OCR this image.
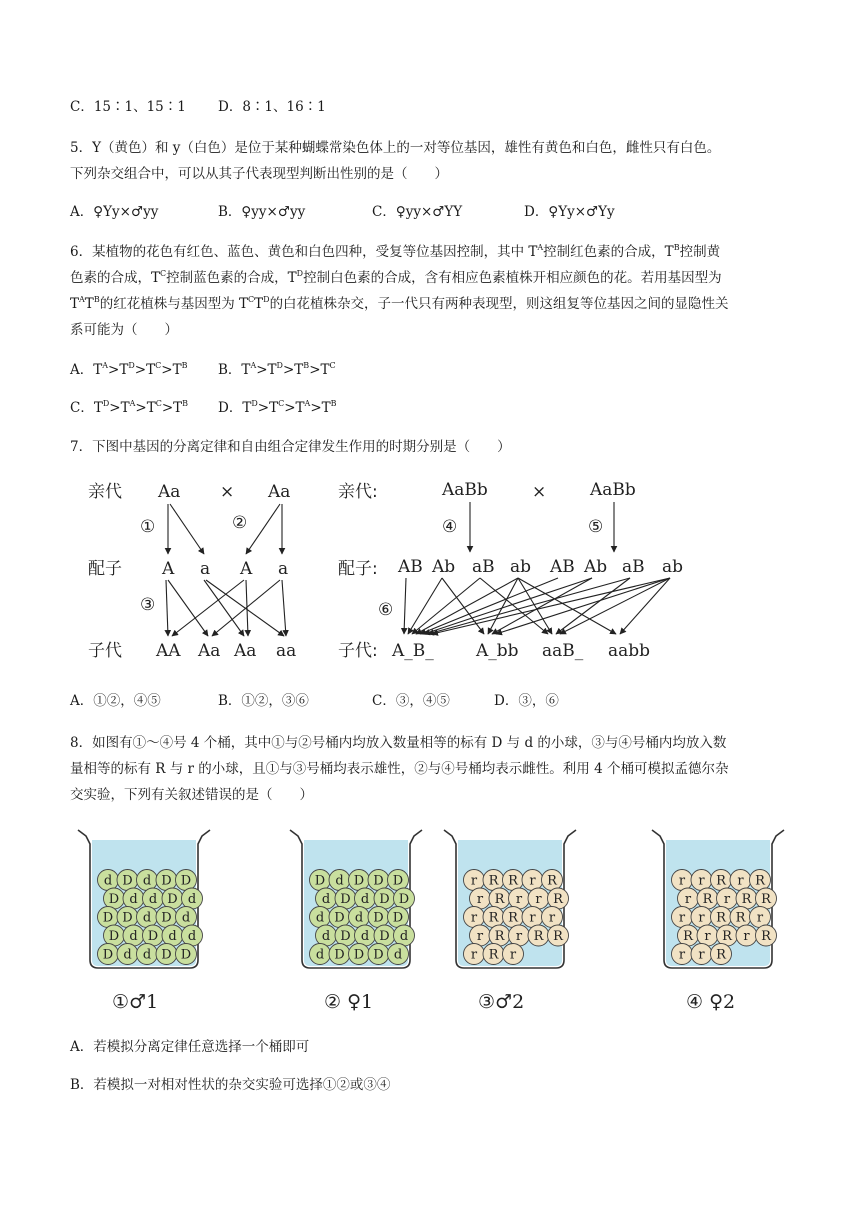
C．15∶1、15∶1 D．8∶1、16∶1
5．Y（黄色）和 y（白色）是位于某种蝴蝶常染色体上的一对等位基因，雄性有黄色和白色，雌性只有白色。
下列杂交组合中，可以从其子代表现型判断出性别的是（　　）
A．♀Yy×♂yy	B．♀yy×♂yy	C．♀yy×♂YY	D．♀Yy×♂Yy
6．某植物的花色有红色、蓝色、黄色和白色四种，受复等位基因控制，其中 $T^A$控制红色素的合成，$T^B$控制黄
色素的合成，$T^C$控制蓝色素的合成，$T^D$控制白色素的合成，含有相应色素植株开相应颜色的花。若用基因型为
$T^AT^B$的红花植株与基因型为 $T^CT^D$的白花植株杂交，子一代只有两种表现型，则这组复等位基因之间的显隐性关
系可能为（　　）
A．$T^A>T^D>T^C>T^B$ B．$T^A>T^D>T^B>T^C$
C．$T^D>T^A>T^C>T^B$ D．$T^D>T^C>T^A>T^B$
7．下图中基因的分离定律和自由组合定律发生作用的时期分别是（　　）
亲代 Aa × Aa
①	②
配子 A a A a
③
子代 AA Aa Aa aa
亲代:	AaBb	×	AaBb
④	⑤
配子: AB Ab aB ab AB Ab aB ab
⑥
子代: A_B_ A_bb aaB_ aabb
A．①②，④⑤	B．①②，③⑥	C．③，④⑤	D．③，⑥
8．如图有①～④号 4 个桶，其中①与②号桶内均放入数量相等的标有 D 与 d 的小球，③与④号桶内均放入数
量相等的标有 R 与 r 的小球，且①与③号桶均表示雄性，②与④号桶均表示雌性。利用 4 个桶可模拟孟德尔杂
交实验，下列有关叙述错误的是（　　）
d D d D D
D d d D d
D D d D d
D d D d d
D d d D D
①♂1
D d D D D
d D d D D
d D d D D
d D d D d
d D D D d
② ♀1
r R R r R
r R r r R
r R R r r
r R r R R
r R r
③♂2
r r R r R
r R r R R
r r R R r
R r R r R
r r R
④ ♀2
A．若模拟分离定律任意选择一个桶即可
B．若模拟一对相对性状的杂交实验可选择①②或③④
